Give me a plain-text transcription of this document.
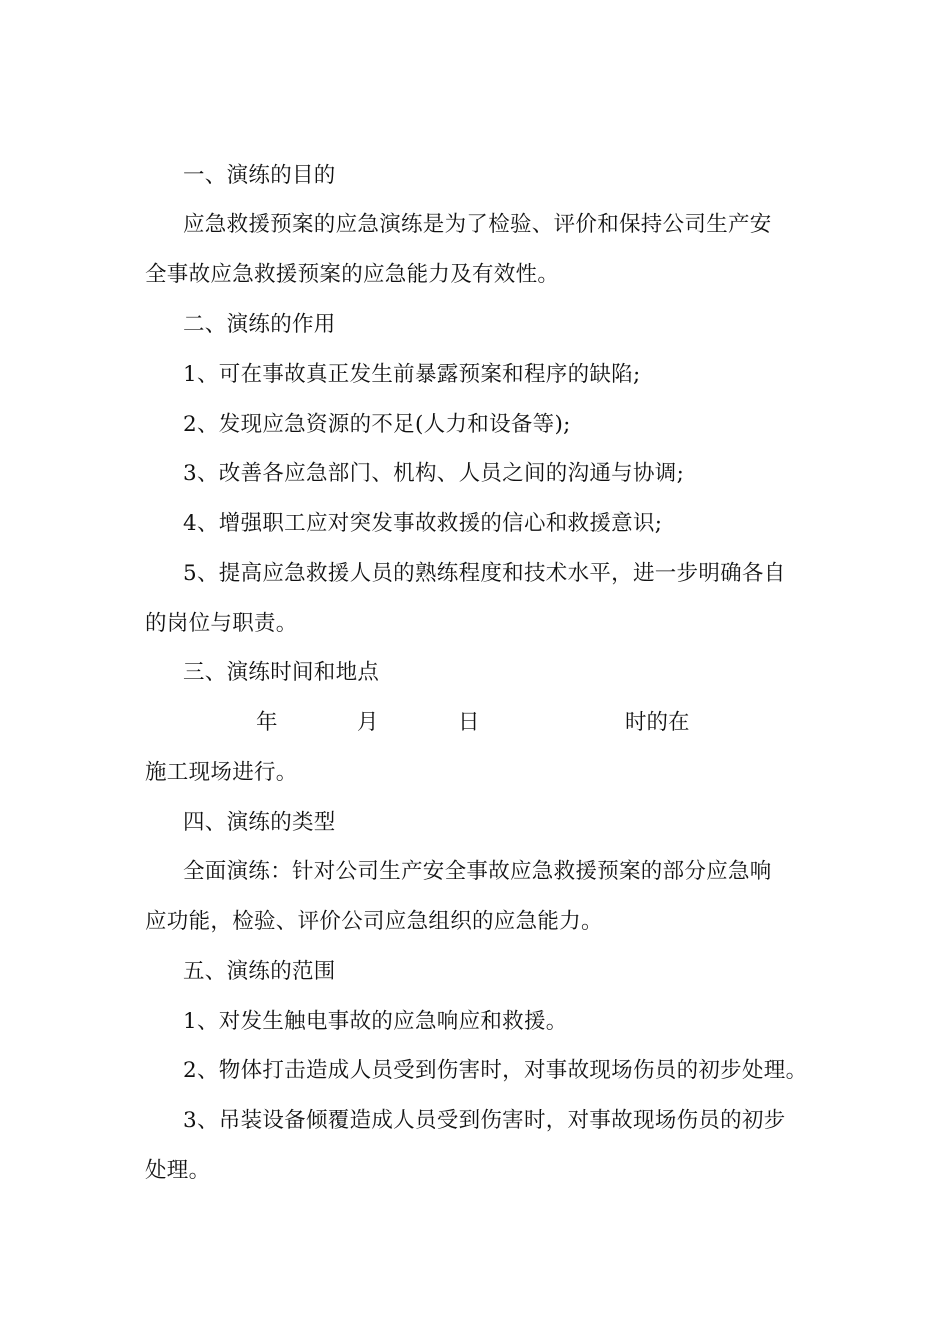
一、演练的目的
应急救援预案的应急演练是为了检验、评价和保持公司生产安
全事故应急救援预案的应急能力及有效性。
二、演练的作用
1、可在事故真正发生前暴露预案和程序的缺陷;
2、发现应急资源的不足(人力和设备等);
3、改善各应急部门、机构、人员之间的沟通与协调;
4、增强职工应对突发事故救援的信心和救援意识;
5、提高应急救援人员的熟练程度和技术水平，进一步明确各自
的岗位与职责。
三、演练时间和地点
年	月	日	时的在
施工现场进行。
四、演练的类型
全面演练：针对公司生产安全事故应急救援预案的部分应急响
应功能，检验、评价公司应急组织的应急能力。
五、演练的范围
1、对发生触电事故的应急响应和救援。
2、物体打击造成人员受到伤害时，对事故现场伤员的初步处理。
3、吊装设备倾覆造成人员受到伤害时，对事故现场伤员的初步
处理。
